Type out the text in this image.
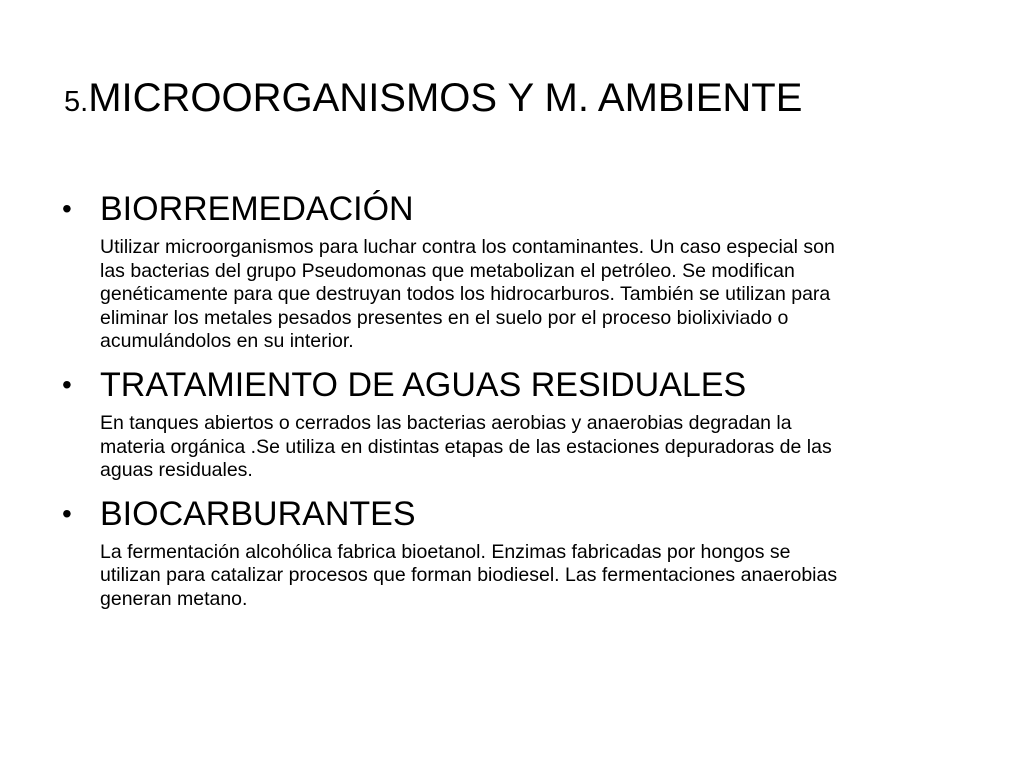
5.MICROORGANISMOS Y M. AMBIENTE
• BIORREMEDACIÓN
Utilizar microorganismos para luchar contra los contaminantes. Un caso especial son
las bacterias del grupo Pseudomonas que metabolizan el petróleo. Se modifican
genéticamente para que destruyan todos los hidrocarburos. También se utilizan para
eliminar los metales pesados presentes en el suelo por el proceso biolixiviado o
acumulándolos en su interior.
• TRATAMIENTO DE AGUAS RESIDUALES
En tanques abiertos o cerrados las bacterias aerobias y anaerobias degradan la
materia orgánica .Se utiliza en distintas etapas de las estaciones depuradoras de las
aguas residuales.
• BIOCARBURANTES
La fermentación alcohólica fabrica bioetanol. Enzimas fabricadas por hongos se
utilizan para catalizar procesos que forman biodiesel. Las fermentaciones anaerobias
generan metano.
